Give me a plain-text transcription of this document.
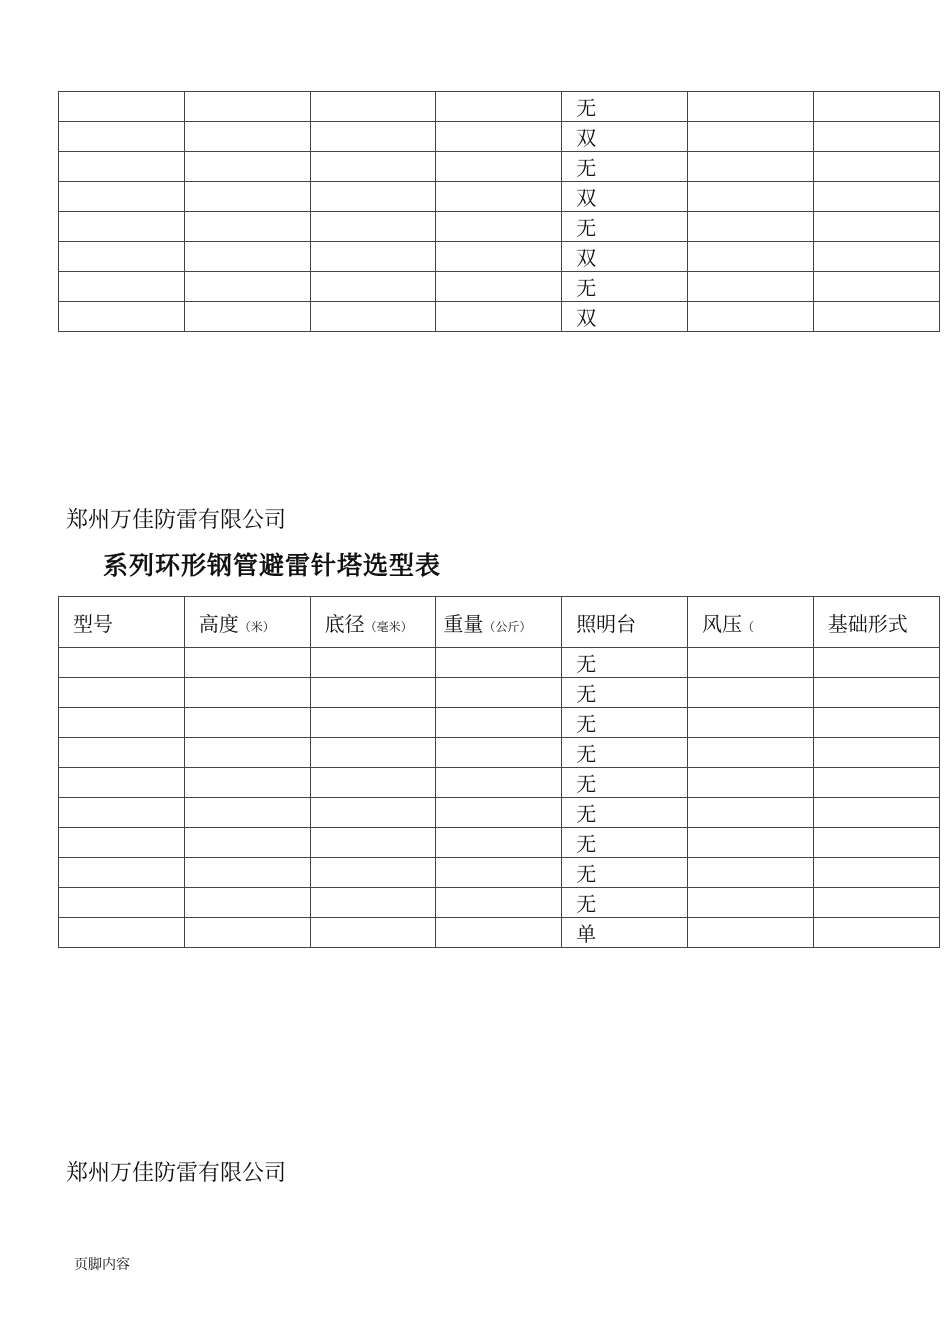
				无		
				双		
				无		
				双		
				无		
				双		
				无		
				双		
郑州万佳防雷有限公司
系列环形钢管避雷针塔选型表
型号	高度（米）	底径（毫米）	重量（公斤）	照明台	风压（	基础形式
				无		
				无		
				无		
				无		
				无		
				无		
				无		
				无		
				无		
				单		
郑州万佳防雷有限公司
页脚内容
